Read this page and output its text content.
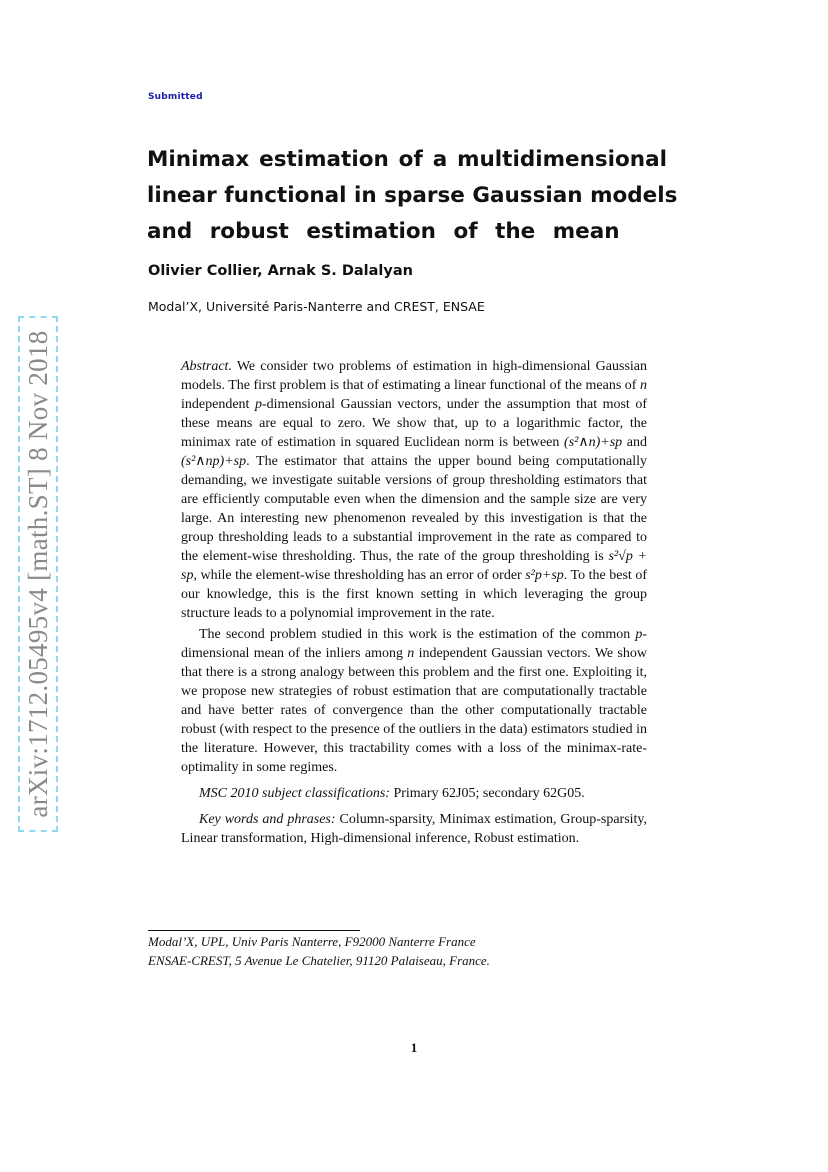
Submitted
Minimax estimation of a multidimensional
linear functional in sparse Gaussian models
and robust estimation of the mean
Olivier Collier, Arnak S. Dalalyan
Modal’X, Université Paris-Nanterre and CREST, ENSAE
arXiv:1712.05495v4 [math.ST] 8 Nov 2018	Abstract. We consider two problems of estimation in high-dimensional Gaussian models. The first problem is that of estimating a linear functional of the means of n independent p-dimensional Gaussian vectors, under the assumption that most of these means are equal to zero. We show that, up to a logarithmic factor, the minimax rate of estimation in squared Euclidean norm is between (s²∧n)+sp and (s²∧np)+sp. The estimator that attains the upper bound being computationally demanding, we investigate suitable versions of group thresholding estimators that are efficiently computable even when the dimension and the sample size are very large. An interesting new phenomenon revealed by this investigation is that the group thresholding leads to a substantial improvement in the rate as compared to the element-wise thresholding. Thus, the rate of the group thresholding is s²√p + sp, while the element-wise thresholding has an error of order s²p+sp. To the best of our knowledge, this is the first known setting in which leveraging the group structure leads to a polynomial improvement in the rate.

The second problem studied in this work is the estimation of the common p-dimensional mean of the inliers among n independent Gaussian vectors. We show that there is a strong analogy between this problem and the first one. Exploiting it, we propose new strategies of robust estimation that are computationally tractable and have better rates of convergence than the other computationally tractable robust (with respect to the presence of the outliers in the data) estimators studied in the literature. However, this tractability comes with a loss of the minimax-rate-optimality in some regimes.

MSC 2010 subject classifications: Primary 62J05; secondary 62G05.

Key words and phrases: Column-sparsity, Minimax estimation, Group-sparsity, Linear transformation, High-dimensional inference, Robust estimation.

Modal’X, UPL, Univ Paris Nanterre, F92000 Nanterre France
ENSAE-CREST, 5 Avenue Le Chatelier, 91120 Palaiseau, France.
1
